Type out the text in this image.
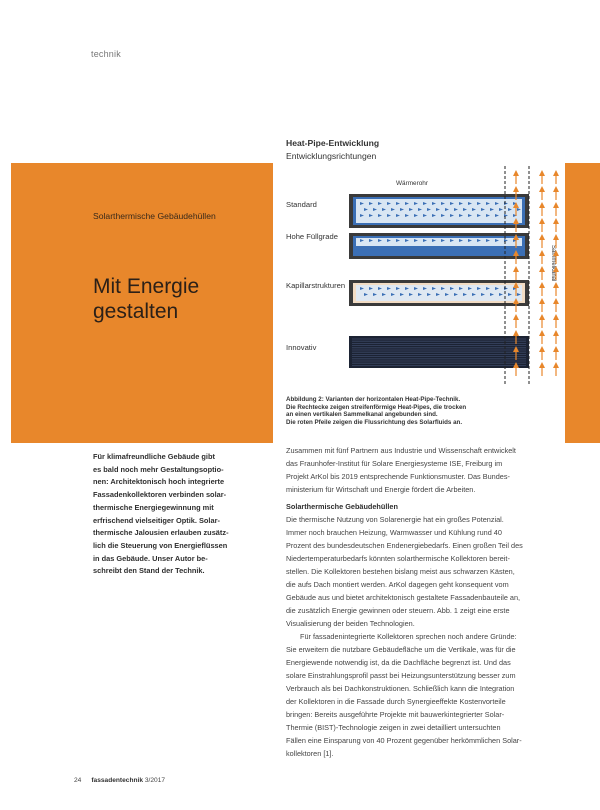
technik
Solarthermische Gebäudehüllen
Mit Energie
gestalten
Heat-Pipe-Entwicklung
Entwicklungsrichtungen
Standard
Hohe Füllgrade
Kapillarstrukturen
Innovativ
Wärmerohr
Sammelkanal
Abbildung 2: Varianten der horizontalen Heat-Pipe-Technik.
Die Rechtecke zeigen streifenförmige Heat-Pipes, die trocken
an einen vertikalen Sammelkanal angebunden sind.
Die roten Pfeile zeigen die Flussrichtung des Solarfluids an.
Für klimafreundliche Gebäude gibt
es bald noch mehr Gestaltungsoptio-
nen: Architektonisch hoch integrierte
Fassadenkollektoren verbinden solar-
thermische Energiegewinnung mit
erfrischend vielseitiger Optik. Solar-
thermische Jalousien erlauben zusätz-
lich die Steuerung von Energieflüssen
in das Gebäude. Unser Autor be-
schreibt den Stand der Technik.
Zusammen mit fünf Partnern aus Industrie und Wissenschaft entwickelt
das Fraunhofer-Institut für Solare Energiesysteme ISE, Freiburg im
Projekt ArKol bis 2019 entsprechende Funktionsmuster. Das Bundes-
ministerium für Wirtschaft und Energie fördert die Arbeiten.
Solarthermische Gebäudehüllen
Die thermische Nutzung von Solarenergie hat ein großes Potenzial.
Immer noch brauchen Heizung, Warmwasser und Kühlung rund 40
Prozent des bundesdeutschen Endenergiebedarfs. Einen großen Teil des
Niedertemperaturbedarfs könnten solarthermische Kollektoren bereit-
stellen. Die Kollektoren bestehen bislang meist aus schwarzen Kästen,
die aufs Dach montiert werden. ArKol dagegen geht konsequent vom
Gebäude aus und bietet architektonisch gestaltete Fassadenbauteile an,
die zusätzlich Energie gewinnen oder steuern. Abb. 1 zeigt eine erste
Visualisierung der beiden Technologien.
Für fassadenintegrierte Kollektoren sprechen noch andere Gründe:
Sie erweitern die nutzbare Gebäudefläche um die Vertikale, was für die
Energiewende notwendig ist, da die Dachfläche begrenzt ist. Und das
solare Einstrahlungsprofil passt bei Heizungsunterstützung besser zum
Verbrauch als bei Dachkonstruktionen. Schließlich kann die Integration
der Kollektoren in die Fassade durch Synergieeffekte Kostenvorteile
bringen: Bereits ausgeführte Projekte mit bauwerkintegrierter Solar-
Thermie (BIST)-Technologie zeigen in zwei detailliert untersuchten
Fällen eine Einsparung von 40 Prozent gegenüber herkömmlichen Solar-
kollektoren [1].
24 fassadentechnik 3/2017
